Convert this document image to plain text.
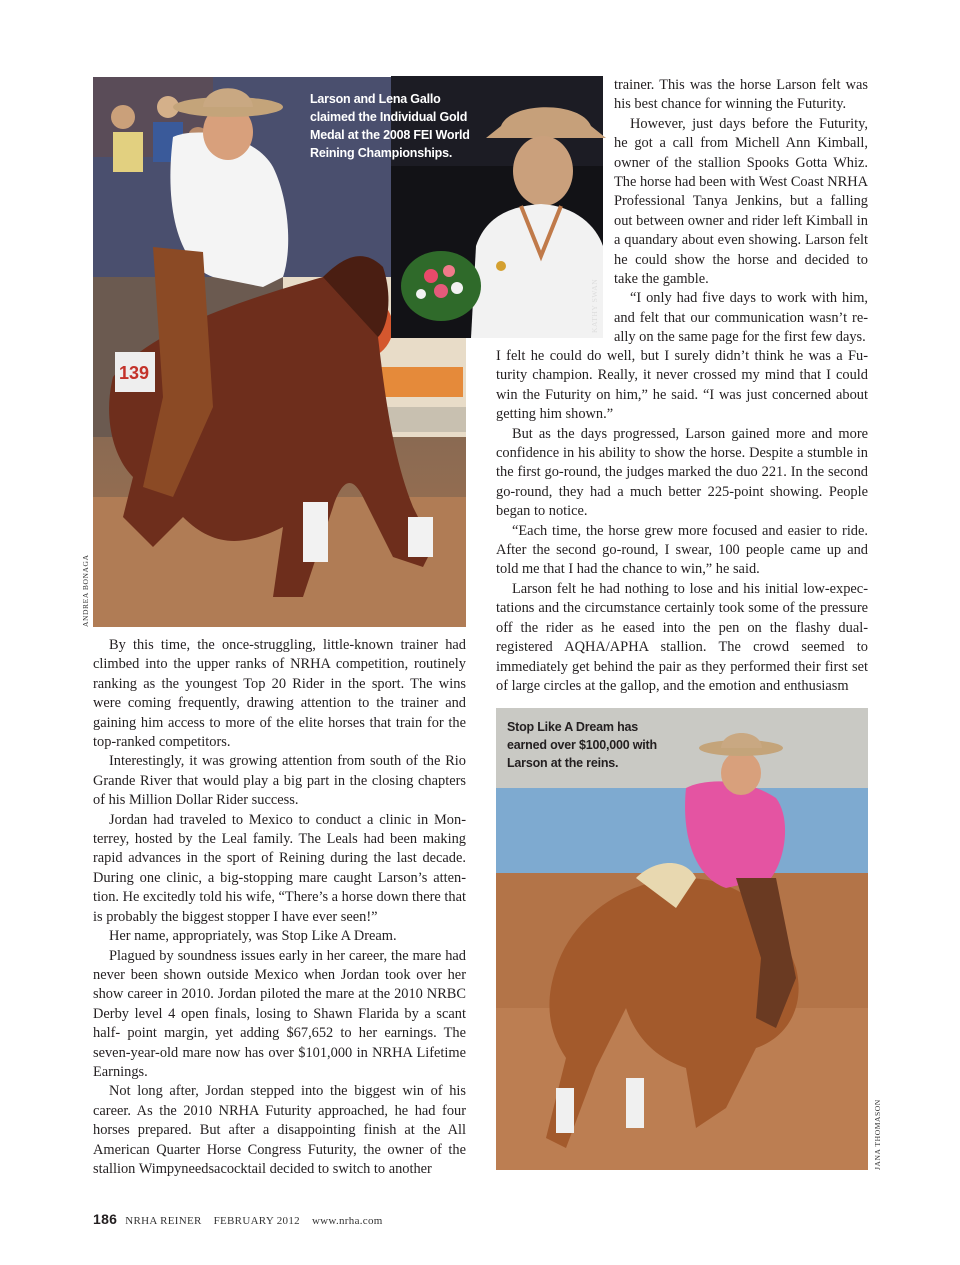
139
ANDREA BONAGA
Larson and Lena Gallo claimed the Individual Gold Medal at the 2008 FEI World Reining Championships.
KATHY SWAN
Stop Like A Dream has earned over $100,000 with Larson at the reins.
JANA THOMASON

trainer. This was the horse Larson felt was his best chance for winning the Futurity.

However, just days before the Futurity, he got a call from Michell Ann Kimball, owner of the stallion Spooks Gotta Whiz. The horse had been with West Coast NRHA Professional Tanya Jenkins, but a falling out between owner and rider left Kimball in a quandary about even showing. Larson felt he could show the horse and decided to take the gamble.

“I only had five days to work with him, and felt that our communication wasn’t really on the same page for the first few days.

I felt he could do well, but I surely didn’t think he was a Futurity champion. Really, it never crossed my mind that I could win the Futurity on him,” he said. “I was just concerned about getting him shown.”

But as the days progressed, Larson gained more and more confidence in his ability to show the horse. Despite a stumble in the first go-round, the judges marked the duo 221. In the second go-round, they had a much better 225-point showing. People began to notice.

“Each time, the horse grew more focused and easier to ride. After the second go-round, I swear, 100 people came up and told me that I had the chance to win,” he said.

Larson felt he had nothing to lose and his initial low-expectations and the circumstance certainly took some of the pressure off the rider as he eased into the pen on the flashy dual-registered AQHA/APHA stallion. The crowd seemed to immediately get behind the pair as they performed their first set of large circles at the gallop, and the emotion and enthusiasm

By this time, the once-struggling, little-known trainer had climbed into the upper ranks of NRHA competition, routinely ranking as the youngest Top 20 Rider in the sport. The wins were coming frequently, drawing attention to the trainer and gaining him access to more of the elite horses that train for the top-ranked competitors.

Interestingly, it was growing attention from south of the Rio Grande River that would play a big part in the closing chapters of his Million Dollar Rider success.

Jordan had traveled to Mexico to conduct a clinic in Monterrey, hosted by the Leal family. The Leals had been making rapid advances in the sport of Reining during the last decade. During one clinic, a big-stopping mare caught Larson’s attention. He excitedly told his wife, “There’s a horse down there that is probably the biggest stopper I have ever seen!”

Her name, appropriately, was Stop Like A Dream.

Plagued by soundness issues early in her career, the mare had never been shown outside Mexico when Jordan took over her show career in 2010. Jordan piloted the mare at the 2010 NRBC Derby level 4 open finals, losing to Shawn Flarida by a scant half- point margin, yet adding $67,652 to her earnings. The seven-year-old mare now has over $101,000 in NRHA Lifetime Earnings.

Not long after, Jordan stepped into the biggest win of his career. As the 2010 NRHA Futurity approached, he had four horses prepared. But after a disappointing finish at the All American Quarter Horse Congress Futurity, the owner of the stallion Wimpyneedsacocktail decided to switch to another

186 NRHA REINER FEBRUARY 2012 www.nrha.com
